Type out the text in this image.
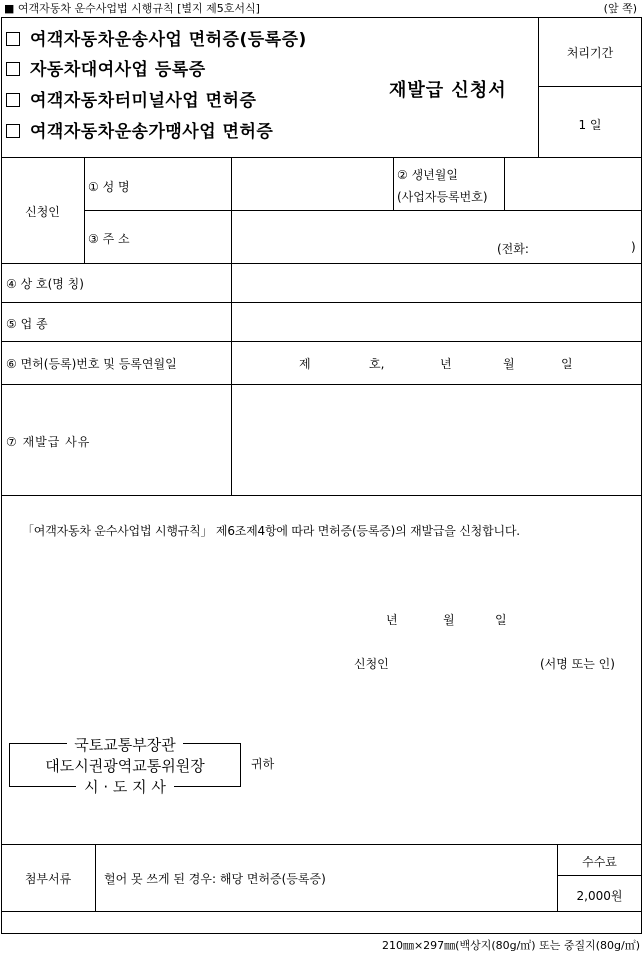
■ 여객자동차 운수사업법 시행규칙 [별지 제5호서식]	(앞 쪽)
여객자동차운송사업 면허증(등록증)
자동차대여사업 등록증
여객자동차터미널사업 면허증
여객자동차운송가맹사업 면허증
재발급 신청서
처리기간
1 일
신청인
① 성 명
② 생년월일
(사업자등록번호)
③ 주 소
(전화:	)
④ 상 호(명 칭)
⑤ 업 종
⑥ 면허(등록)번호 및 등록연월일	제	호,	년	월	일
⑦ 재발급 사유
「여객자동차 운수사업법 시행규칙」 제6조제4항에 따라 면허증(등록증)의 재발급을 신청합니다.
년	월	일
신청인	(서명 또는 인)
국토교통부장관
대도시권광역교통위원장
시 · 도 지 사
귀하
첨부서류	헐어 못 쓰게 된 경우: 해당 면허증(등록증)
수수료
2,000원
210㎜×297㎜(백상지(80g/㎡) 또는 중질지(80g/㎡)
